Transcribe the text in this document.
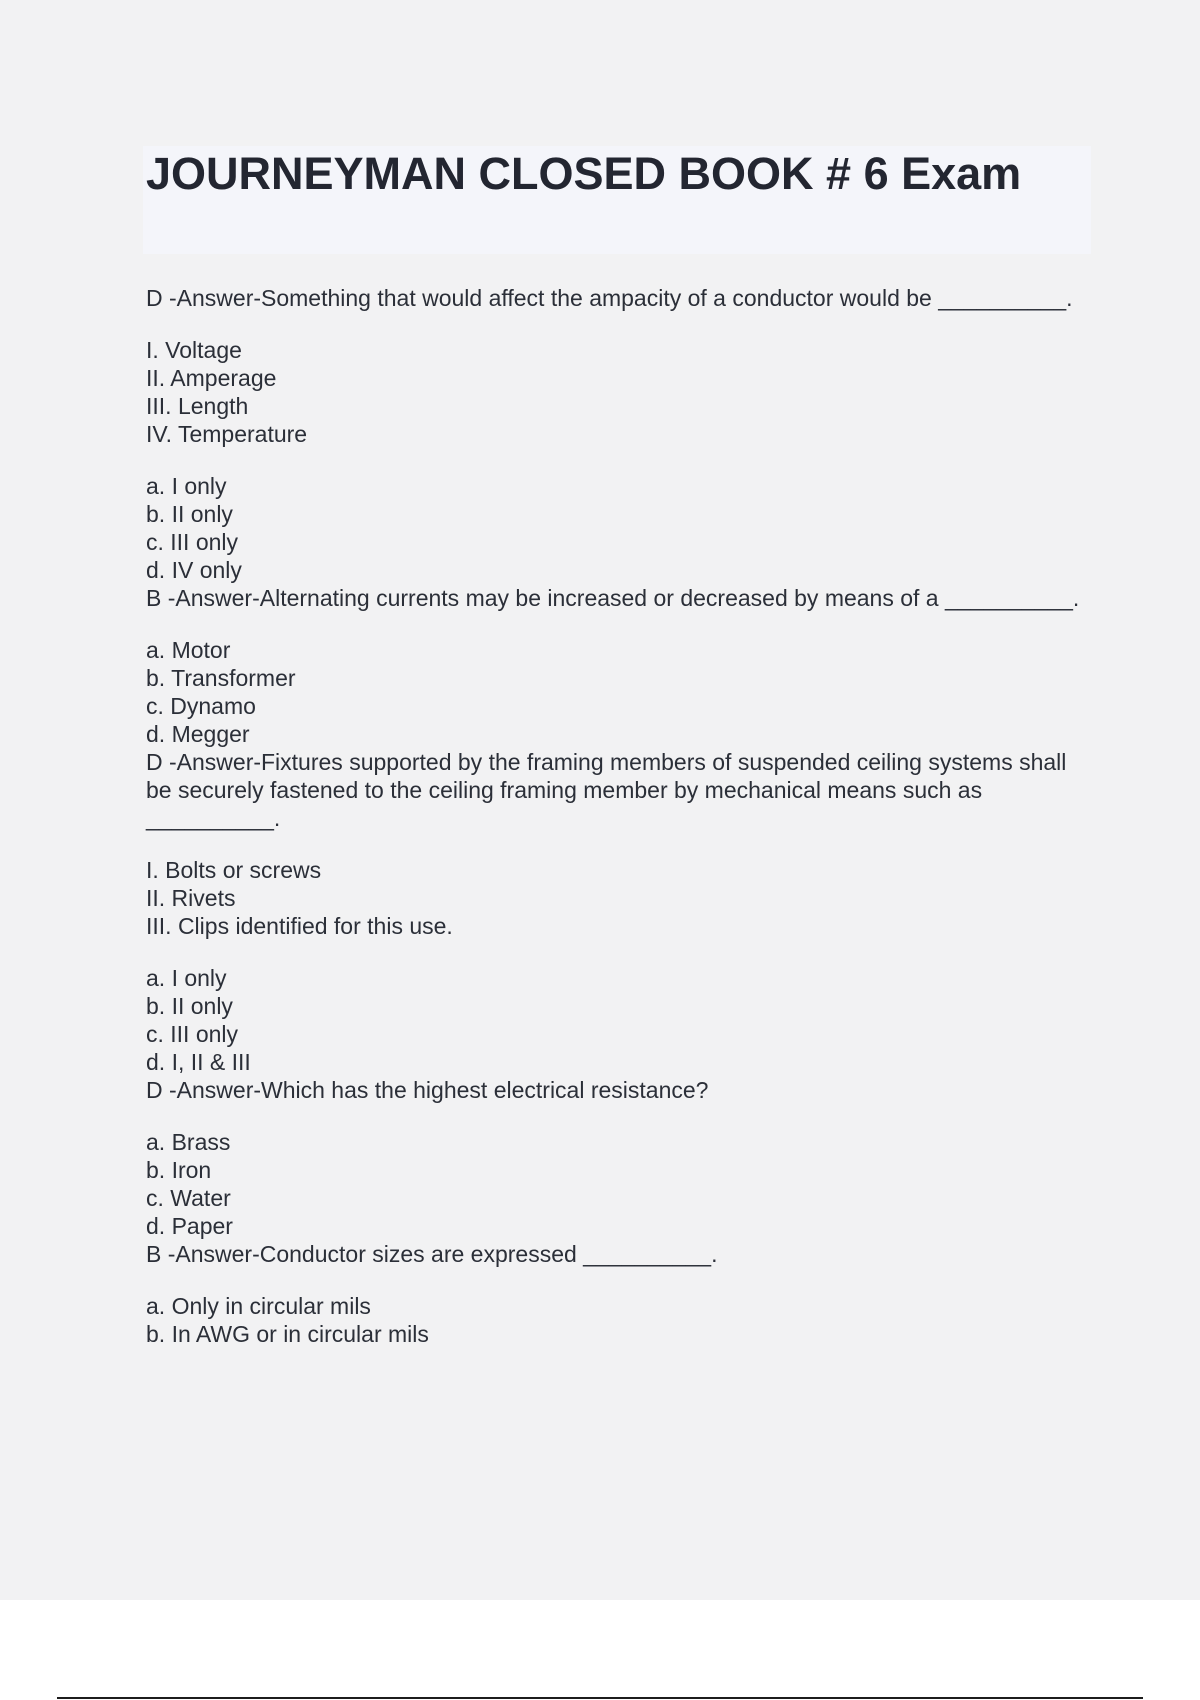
JOURNEYMAN CLOSED BOOK # 6 Exam

D -Answer-Something that would affect the ampacity of a conductor would be __________.

I. Voltage
II. Amperage
III. Length
IV. Temperature
a. I only
b. II only
c. III only
d. IV only

B -Answer-Alternating currents may be increased or decreased by means of a __________.

a. Motor
b. Transformer
c. Dynamo
d. Megger

D -Answer-Fixtures supported by the framing members of suspended ceiling systems shall be securely fastened to the ceiling framing member by mechanical means such as __________.

I. Bolts or screws
II. Rivets
III. Clips identified for this use.
a. I only
b. II only
c. III only
d. I, II & III

D -Answer-Which has the highest electrical resistance?

a. Brass
b. Iron
c. Water
d. Paper

B -Answer-Conductor sizes are expressed __________.

a. Only in circular mils
b. In AWG or in circular mils
